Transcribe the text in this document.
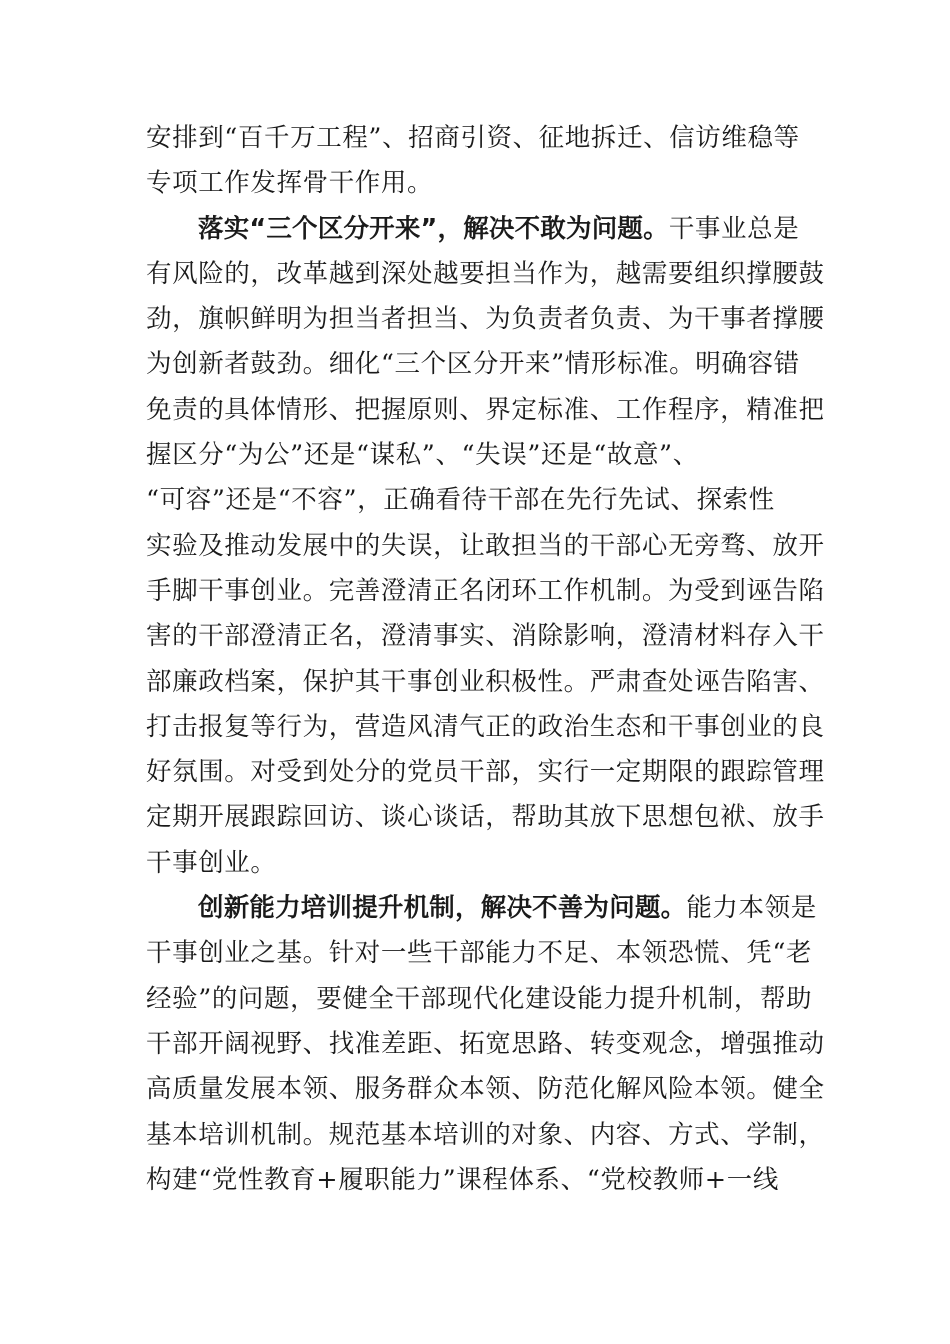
安排到“百千万工程”、招商引资、征地拆迁、信访维稳等
专项工作发挥骨干作用。
落实“三个区分开来”，解决不敢为问题。干事业总是
有风险的，改革越到深处越要担当作为，越需要组织撑腰鼓
劲，旗帜鲜明为担当者担当、为负责者负责、为干事者撑腰
为创新者鼓劲。细化“三个区分开来”情形标准。明确容错
免责的具体情形、把握原则、界定标准、工作程序，精准把
握区分“为公”还是“谋私”、“失误”还是“故意”、
“可容”还是“不容”，正确看待干部在先行先试、探索性
实验及推动发展中的失误，让敢担当的干部心无旁骛、放开
手脚干事创业。完善澄清正名闭环工作机制。为受到诬告陷
害的干部澄清正名，澄清事实、消除影响，澄清材料存入干
部廉政档案，保护其干事创业积极性。严肃查处诬告陷害、
打击报复等行为，营造风清气正的政治生态和干事创业的良
好氛围。对受到处分的党员干部，实行一定期限的跟踪管理
定期开展跟踪回访、谈心谈话，帮助其放下思想包袱、放手
干事创业。
创新能力培训提升机制，解决不善为问题。能力本领是
干事创业之基。针对一些干部能力不足、本领恐慌、凭“老
经验”的问题，要健全干部现代化建设能力提升机制，帮助
干部开阔视野、找准差距、拓宽思路、转变观念，增强推动
高质量发展本领、服务群众本领、防范化解风险本领。健全
基本培训机制。规范基本培训的对象、内容、方式、学制，
构建“党性教育+履职能力”课程体系、“党校教师+一线
